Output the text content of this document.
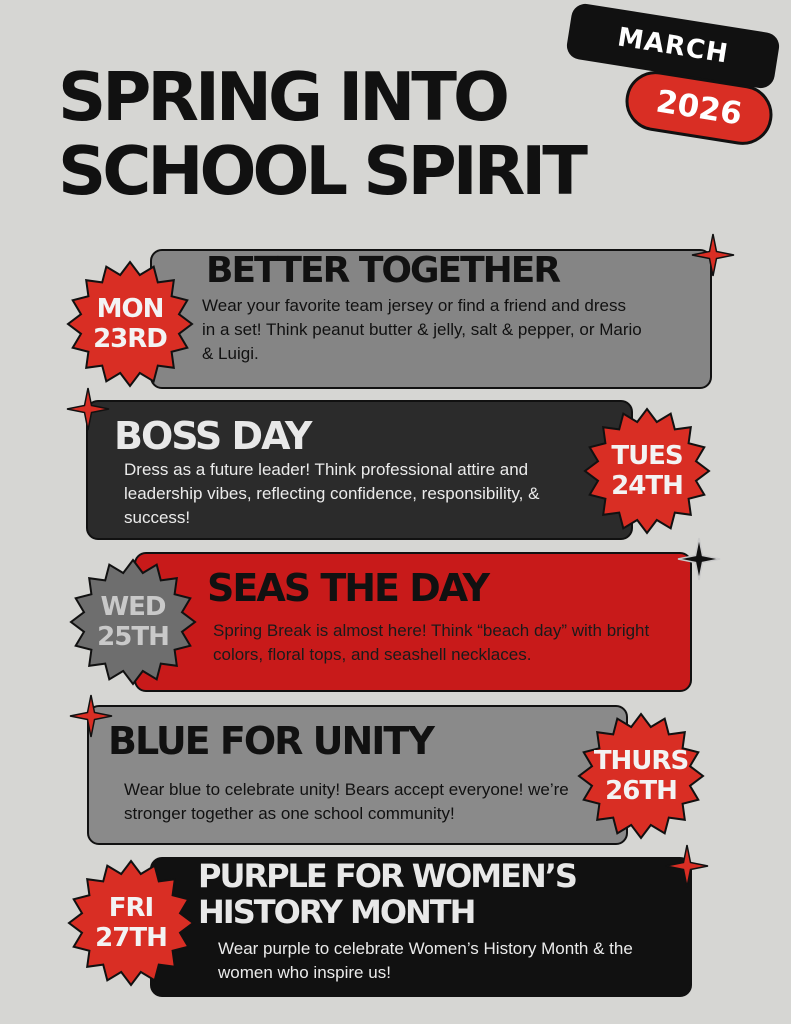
SPRING INTO
SCHOOL SPIRIT
MARCH
2026
BETTER TOGETHER
Wear your favorite team jersey or find a friend and dress in a set! Think peanut butter & jelly, salt & pepper, or Mario & Luigi.
MON
23RD
BOSS DAY
Dress as a future leader! Think professional attire and leadership vibes, reflecting confidence, responsibility, & success!
TUES
24TH
SEAS THE DAY
Spring Break is almost here! Think “beach day” with bright colors, floral tops, and seashell necklaces.
WED
25TH
BLUE FOR UNITY
Wear blue to celebrate unity! Bears accept everyone! we’re stronger together as one school community!
THURS
26TH
PURPLE FOR WOMEN’S
HISTORY MONTH
Wear purple to celebrate Women’s History Month & the women who inspire us!
FRI
27TH
